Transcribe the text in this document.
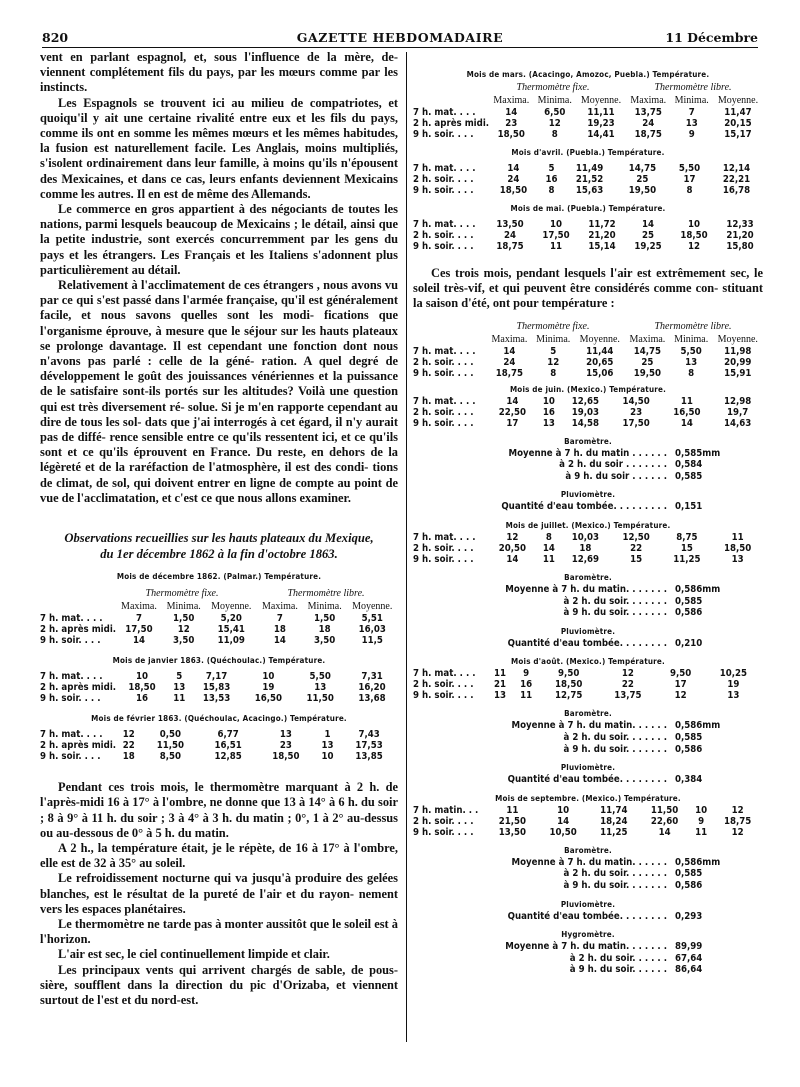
820	GAZETTE HEBDOMADAIRE	11 Décembre
vent en parlant espagnol, et, sous l'influence de la mère, de- viennent complétement fils du pays, par les mœurs comme par les instincts.
Les Espagnols se trouvent ici au milieu de compatriotes, et quoiqu'il y ait une certaine rivalité entre eux et les fils du pays, comme ils ont en somme les mêmes mœurs et les mêmes habitudes, la fusion est naturellement facile. Les Anglais, moins multipliés, s'isolent ordinairement dans leur famille, à moins qu'ils n'épousent des Mexicaines, et dans ce cas, leurs enfants deviennent Mexicains comme les autres. Il en est de même des Allemands.
Le commerce en gros appartient à des négociants de toutes les nations, parmi lesquels beaucoup de Mexicains ; le détail, ainsi que la petite industrie, sont exercés concurremment par les gens du pays et les étrangers. Les Français et les Italiens s'adonnent plus particulièrement au détail.
Relativement à l'acclimatement de ces étrangers , nous avons vu par ce qui s'est passé dans l'armée française, qu'il est généralement facile, et nous savons quelles sont les modi- fications que l'organisme éprouve, à mesure que le séjour sur les hauts plateaux se prolonge davantage. Il est cependant une fonction dont nous n'avons pas parlé : celle de la géné- ration. A quel degré de développement le goût des jouissances vénériennes et la puissance de le satisfaire sont-ils portés sur les altitudes? Voilà une question qui est très diversement ré- solue. Si je m'en rapporte cependant au dire de tous les sol- dats que j'ai interrogés à cet égard, il n'y aurait pas de diffé- rence sensible entre ce qu'ils ressentent ici, et ce qu'ils sont et ce qu'ils éprouvent en France. Du reste, en dehors de la légèreté et de la raréfaction de l'atmosphère, il est des condi- tions de climat, de sol, qui doivent entrer en ligne de compte au point de vue de l'acclimatation, et c'est ce que nous allons examiner.
Observations recueillies sur les hauts plateaux du Mexique,
du 1er décembre 1862 à la fin d'octobre 1863.
Mois de décembre 1862. (Palmar.) Température.
Thermomètre fixe.	Thermomètre libre.
	Maxima.	Minima.	Moyenne.	Maxima.	Minima.	Moyenne.
7 h. mat. . . .	7	1,50	5,20	7	1,50	5,51
2 h. après midi.	17,50	12	15,41	18	18	16,03
9 h. soir. . . .	14	3,50	11,09	14	3,50	11,5
Mois de janvier 1863. (Quéchoulac.) Température.
7 h. mat. . . .	10	5	7,17	10	5,50	7,31
2 h. après midi.	18,50	13	15,83	19	13	16,20
9 h. soir. . . .	16	11	13,53	16,50	11,50	13,68
Mois de février 1863. (Quéchoulac, Acacingo.) Température.
7 h. mat. . . .	12	0,50	6,77	13	1	7,43
2 h. après midi.	22	11,50	16,51	23	13	17,53
9 h. soir. . . .	18	8,50	12,85	18,50	10	13,85
Pendant ces trois mois, le thermomètre marquant à 2 h. de l'après-midi 16 à 17° à l'ombre, ne donne que 13 à 14° à 6 h. du soir ; 8 à 9° à 11 h. du soir ; 3 à 4° à 3 h. du matin ; 0°, 1 à 2° au-dessus ou au-dessous de 0° à 5 h. du matin.
A 2 h., la température était, je le répète, de 16 à 17° à l'ombre, elle est de 32 à 35° au soleil.
Le refroidissement nocturne qui va jusqu'à produire des gelées blanches, est le résultat de la pureté de l'air et du rayon- nement vers les espaces planétaires.
Le thermomètre ne tarde pas à monter aussitôt que le soleil est à l'horizon.
L'air est sec, le ciel continuellement limpide et clair.
Les principaux vents qui arrivent chargés de sable, de pous- sière, soufflent dans la direction du pic d'Orizaba, et viennent surtout de l'est et du nord-est.
Mois de mars. (Acacingo, Amozoc, Puebla.) Température.
Thermomètre fixe.	Thermomètre libre.
	Maxima.	Minima.	Moyenne.	Maxima.	Minima.	Moyenne.
7 h. mat. . . .	14	6,50	11,11	13,75	7	11,47
2 h. après midi.	23	12	19,23	24	13	20,15
9 h. soir. . . .	18,50	8	14,41	18,75	9	15,17
Mois d'avril. (Puebla.) Température.
7 h. mat. . . .	14	5	11,49	14,75	5,50	12,14
2 h. soir. . . .	24	16	21,52	25	17	22,21
9 h. soir. . . .	18,50	8	15,63	19,50	8	16,78
Mois de mai. (Puebla.) Température.
7 h. mat. . . .	13,50	10	11,72	14	10	12,33
2 h. soir. . . .	24	17,50	21,20	25	18,50	21,20
9 h. soir. . . .	18,75	11	15,14	19,25	12	15,80
Ces trois mois, pendant lesquels l'air est extrêmement sec, le soleil très-vif, et qui peuvent être considérés comme con- stituant la saison d'été, ont pour température :
Thermomètre fixe.	Thermomètre libre.
	Maxima.	Minima.	Moyenne.	Maxima.	Minima.	Moyenne.
7 h. mat. . . .	14	5	11,44	14,75	5,50	11,98
2 h. soir. . . .	24	12	20,65	25	13	20,99
9 h. soir. . . .	18,75	8	15,06	19,50	8	15,91
Mois de juin. (Mexico.) Température.
7 h. mat. . . .	14	10	12,65	14,50	11	12,98
2 h. soir. . . .	22,50	16	19,03	23	16,50	19,7
9 h. soir. . . .	17	13	14,58	17,50	14	14,63
Baromètre.
Moyenne à 7 h. du matin . . . . . . 0,585mm
à 2 h. du soir . . . . . . . 0,584
à 9 h. du soir . . . . . . 0,585
Pluviomètre.
Quantité d'eau tombée. . . . . . . . . 0,151
Mois de juillet. (Mexico.) Température.
7 h. mat. . . .	12	8	10,03	12,50	8,75	11
2 h. soir. . . .	20,50	14	18	22	15	18,50
9 h. soir. . . .	14	11	12,69	15	11,25	13
Baromètre.
Moyenne à 7 h. du matin. . . . . . . 0,586mm
à 2 h. du soir. . . . . . . 0,585
à 9 h. du soir. . . . . . . 0,586
Pluviomètre.
Quantité d'eau tombée. . . . . . . . 0,210
Mois d'août. (Mexico.) Température.
7 h. mat. . . .	11	9	9,50	12	9,50	10,25
2 h. soir. . . .	21	16	18,50	22	17	19
9 h. soir. . . .	13	11	12,75	13,75	12	13
Baromètre.
Moyenne à 7 h. du matin. . . . . . 0,586mm
à 2 h. du soir. . . . . . . 0,585
à 9 h. du soir. . . . . . . 0,586
Pluviomètre.
Quantité d'eau tombée. . . . . . . . 0,384
Mois de septembre. (Mexico.) Température.
7 h. matin. . .	11	10	11,74	11,50	10	12
2 h. soir. . . .	21,50	14	18,24	22,60	9	18,75
9 h. soir. . . .	13,50	10,50	11,25	14	11	12
Baromètre.
Moyenne à 7 h. du matin. . . . . . 0,586mm
à 2 h. du soir. . . . . . . 0,585
à 9 h. du soir. . . . . . . 0,586
Pluviomètre.
Quantité d'eau tombée. . . . . . . . 0,293
Hygromètre.
Moyenne à 7 h. du matin. . . . . . . 89,99
à 2 h. du soir. . . . . . 67,64
à 9 h. du soir. . . . . . 86,64
